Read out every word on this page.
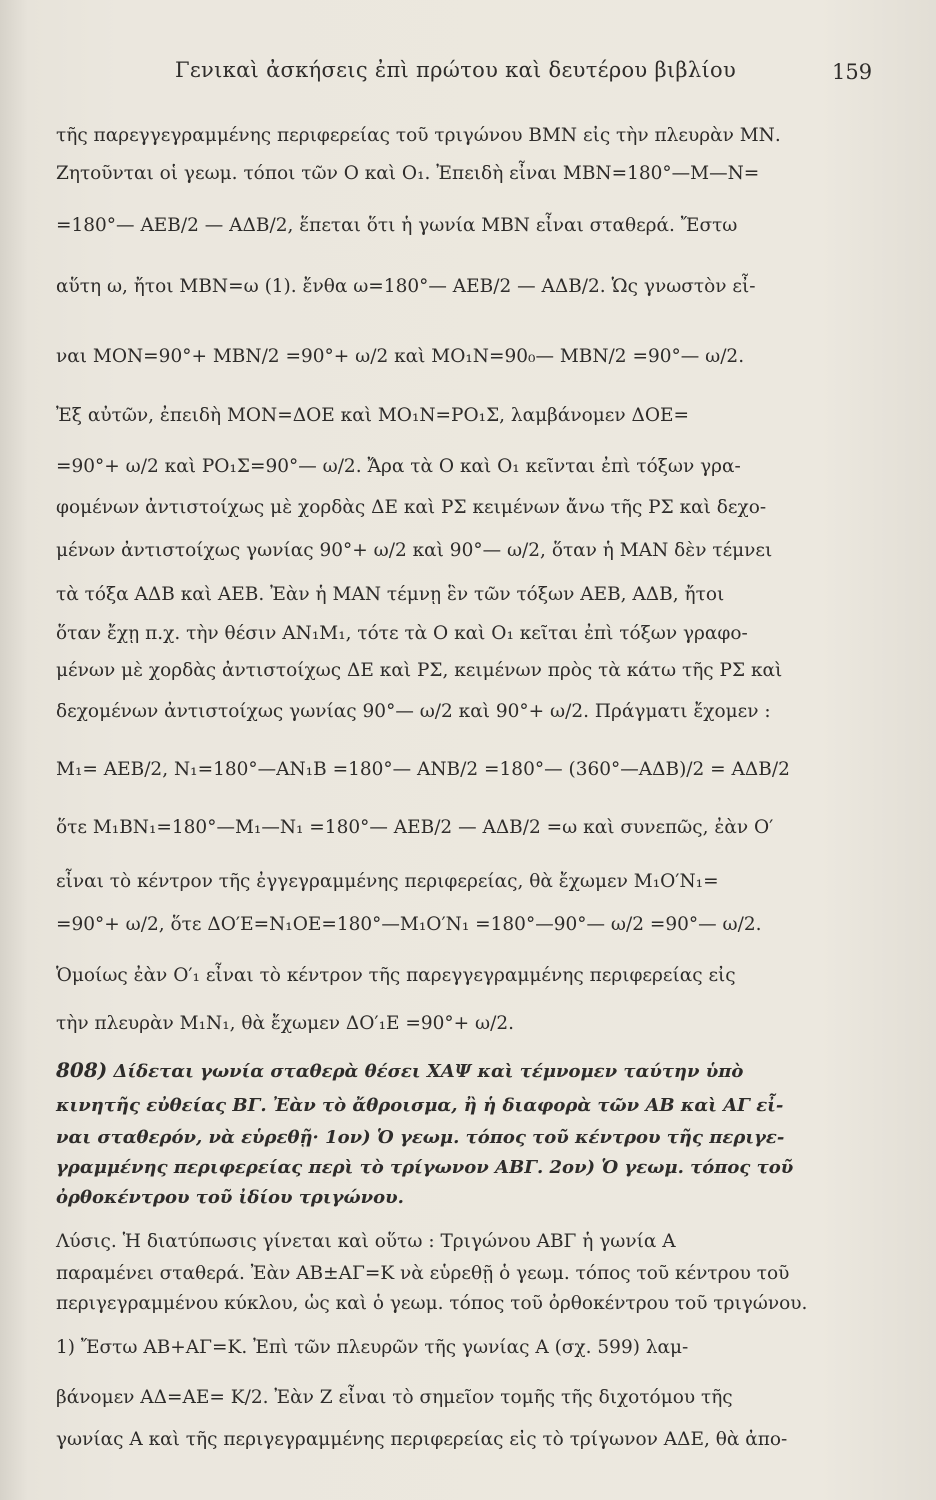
Γενικαὶ ἀσκήσεις ἐπὶ πρώτου καὶ δευτέρου βιβλίου	159
τῆς παρεγγεγραμμένης περιφερείας τοῦ τριγώνου ΒΜΝ εἰς τὴν πλευρὰν ΜΝ.
Ζητοῦνται οἱ γεωμ. τόποι τῶν Ο καὶ Ο₁. Ἐπειδὴ εἶναι ΜΒΝ=180°—Μ—Ν=
=180°— ΑΕΒ/2 — ΑΔΒ/2, ἕπεται ὅτι ἡ γωνία ΜΒΝ εἶναι σταθερά. Ἔστω
αὕτη ω, ἤτοι ΜΒΝ=ω (1). ἔνθα ω=180°— ΑΕΒ/2 — ΑΔΒ/2. Ὡς γνωστὸν εἶ-
ναι ΜΟΝ=90°+ ΜΒΝ/2 =90°+ ω/2 καὶ ΜΟ₁Ν=90₀— ΜΒΝ/2 =90°— ω/2.
Ἐξ αὐτῶν, ἐπειδὴ ΜΟΝ=ΔΟΕ καὶ ΜΟ₁Ν=ΡΟ₁Σ, λαμβάνομεν ΔΟΕ=
=90°+ ω/2 καὶ ΡΟ₁Σ=90°— ω/2. Ἄρα τὰ Ο καὶ Ο₁ κεῖνται ἐπὶ τόξων γρα-
φομένων ἀντιστοίχως μὲ χορδὰς ΔΕ καὶ ΡΣ κειμένων ἄνω τῆς ΡΣ καὶ δεχο-
μένων ἀντιστοίχως γωνίας 90°+ ω/2 καὶ 90°— ω/2, ὅταν ἡ ΜΑΝ δὲν τέμνει
τὰ τόξα ΑΔΒ καὶ ΑΕΒ. Ἐὰν ἡ ΜΑΝ τέμνῃ ἓν τῶν τόξων ΑΕΒ, ΑΔΒ, ἤτοι
ὅταν ἔχῃ π.χ. τὴν θέσιν ΑΝ₁Μ₁, τότε τὰ Ο καὶ Ο₁ κεῖται ἐπὶ τόξων γραφο-
μένων μὲ χορδὰς ἀντιστοίχως ΔΕ καὶ ΡΣ, κειμένων πρὸς τὰ κάτω τῆς ΡΣ καὶ
δεχομένων ἀντιστοίχως γωνίας 90°— ω/2 καὶ 90°+ ω/2. Πράγματι ἔχομεν :
Μ₁= ΑΕΒ/2, Ν₁=180°—ΑΝ₁Β =180°— ΑΝΒ/2 =180°— (360°—ΑΔΒ)/2 = ΑΔΒ/2
ὅτε Μ₁ΒΝ₁=180°—Μ₁—Ν₁ =180°— ΑΕΒ/2 — ΑΔΒ/2 =ω καὶ συνεπῶς, ἐὰν Ο′
εἶναι τὸ κέντρον τῆς ἐγγεγραμμένης περιφερείας, θὰ ἔχωμεν Μ₁Ο′Ν₁=
=90°+ ω/2, ὅτε ΔΟ′Ε=Ν₁ΟΕ=180°—Μ₁Ο′Ν₁ =180°—90°— ω/2 =90°— ω/2.
Ὁμοίως ἐὰν Ο′₁ εἶναι τὸ κέντρον τῆς παρεγγεγραμμένης περιφερείας εἰς
τὴν πλευρὰν Μ₁Ν₁, θὰ ἔχωμεν ΔΟ′₁Ε =90°+ ω/2.
808) Δίδεται γωνία σταθερὰ θέσει ΧΑΨ καὶ τέμνομεν ταύτην ὑπὸ
κινητῆς εὐθείας ΒΓ. Ἐὰν τὸ ἄθροισμα, ἢ ἡ διαφορὰ τῶν ΑΒ καὶ ΑΓ εἶ-
ναι σταθερόν, νὰ εὑρεθῇ· 1ον) Ὁ γεωμ. τόπος τοῦ κέντρου τῆς περιγε-
γραμμένης περιφερείας περὶ τὸ τρίγωνον ΑΒΓ. 2ον) Ὁ γεωμ. τόπος τοῦ
ὀρθοκέντρου τοῦ ἰδίου τριγώνου.
Λύσις. Ἡ διατύπωσις γίνεται καὶ οὕτω : Τριγώνου ΑΒΓ ἡ γωνία Α
παραμένει σταθερά. Ἐὰν ΑΒ±ΑΓ=Κ νὰ εὑρεθῇ ὁ γεωμ. τόπος τοῦ κέντρου τοῦ
περιγεγραμμένου κύκλου, ὡς καὶ ὁ γεωμ. τόπος τοῦ ὀρθοκέντρου τοῦ τριγώνου.
1) Ἔστω ΑΒ+ΑΓ=Κ. Ἐπὶ τῶν πλευρῶν τῆς γωνίας Α (σχ. 599) λαμ-
βάνομεν ΑΔ=ΑΕ= Κ/2. Ἐὰν Ζ εἶναι τὸ σημεῖον τομῆς τῆς διχοτόμου τῆς
γωνίας Α καὶ τῆς περιγεγραμμένης περιφερείας εἰς τὸ τρίγωνον ΑΔΕ, θὰ ἀπο-
